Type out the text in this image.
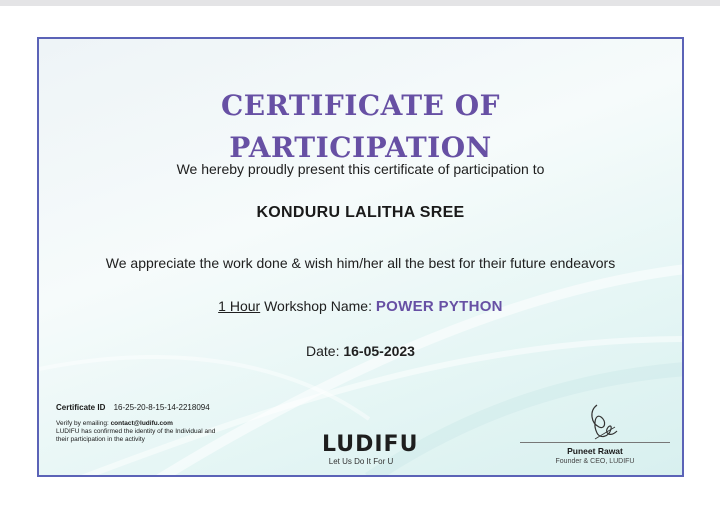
CERTIFICATE OF
PARTICIPATION
We hereby proudly present this certificate of participation to
KONDURU LALITHA SREE
We appreciate the work done & wish him/her all the best for their future endeavors
1 Hour Workshop Name: POWER PYTHON
Date: 16-05-2023
Certificate ID 16-25-20-8-15-14-2218094
Verify by emailing: contact@ludifu.com
LUDIFU has confirmed the identity of the Individual and their participation in the activity	LUDIFU
Let Us Do It For U
Puneet Rawat
Founder & CEO, LUDIFU
